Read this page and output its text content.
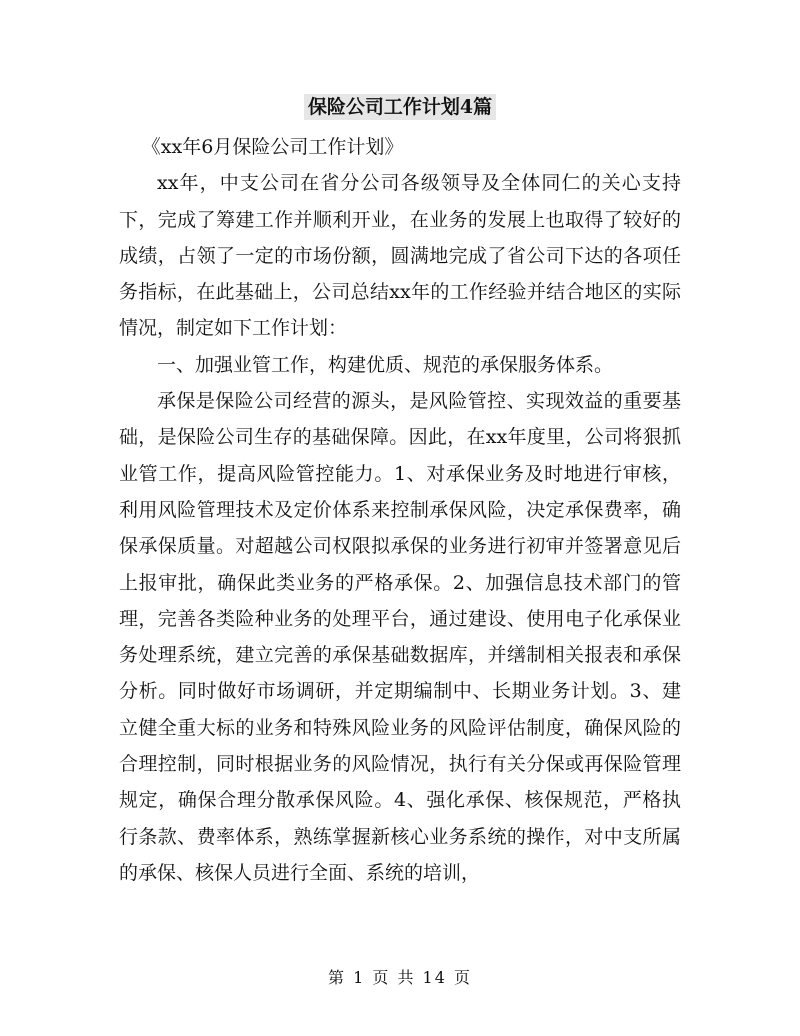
保险公司工作计划4篇

《xx年6月保险公司工作计划》

xx年，中支公司在省分公司各级领导及全体同仁的关心支持下，完成了筹建工作并顺利开业，在业务的发展上也取得了较好的成绩，占领了一定的市场份额，圆满地完成了省公司下达的各项任务指标，在此基础上，公司总结xx年的工作经验并结合地区的实际情况，制定如下工作计划：

一、加强业管工作，构建优质、规范的承保服务体系。

承保是保险公司经营的源头，是风险管控、实现效益的重要基础，是保险公司生存的基础保障。因此，在xx年度里，公司将狠抓业管工作，提高风险管控能力。1、对承保业务及时地进行审核，利用风险管理技术及定价体系来控制承保风险，决定承保费率，确保承保质量。对超越公司权限拟承保的业务进行初审并签署意见后上报审批，确保此类业务的严格承保。2、加强信息技术部门的管理，完善各类险种业务的处理平台，通过建设、使用电子化承保业务处理系统，建立完善的承保基础数据库，并缮制相关报表和承保分析。同时做好市场调研，并定期编制中、长期业务计划。3、建立健全重大标的业务和特殊风险业务的风险评估制度，确保风险的合理控制，同时根据业务的风险情况，执行有关分保或再保险管理规定，确保合理分散承保风险。4、强化承保、核保规范，严格执行条款、费率体系，熟练掌握新核心业务系统的操作，对中支所属的承保、核保人员进行全面、系统的培训，

第 1 页 共 14 页
